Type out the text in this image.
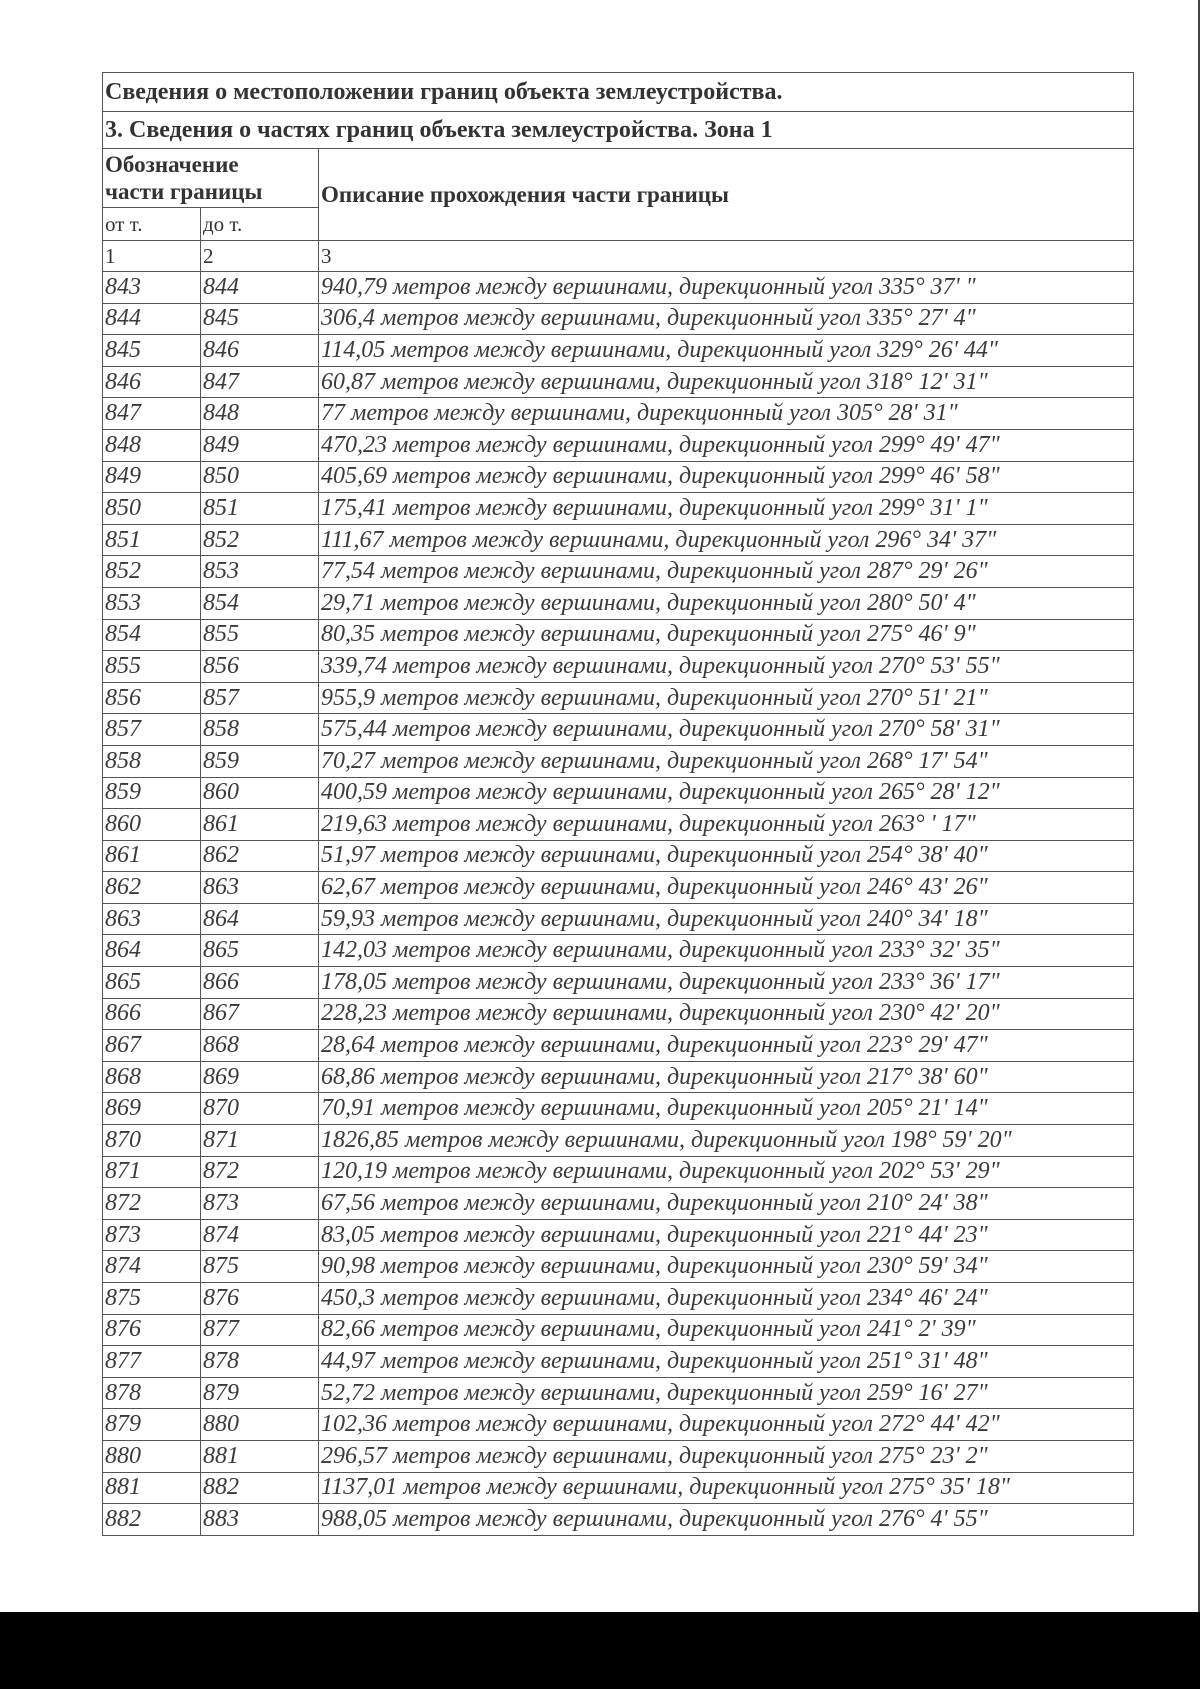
Сведения о местоположении границ объекта землеустройства.		
3. Сведения о частях границ объекта землеустройства. Зона 1		

Обозначение
части границы		Описание прохождения части границы
от т.	до т.	
1	2	3
843	844	940,79 метров между вершинами, дирекционный угол 335° 37' "
844	845	306,4 метров между вершинами, дирекционный угол 335° 27' 4"
845	846	114,05 метров между вершинами, дирекционный угол 329° 26' 44"
846	847	60,87 метров между вершинами, дирекционный угол 318° 12' 31"
847	848	77 метров между вершинами, дирекционный угол 305° 28' 31"
848	849	470,23 метров между вершинами, дирекционный угол 299° 49' 47"
849	850	405,69 метров между вершинами, дирекционный угол 299° 46' 58"
850	851	175,41 метров между вершинами, дирекционный угол 299° 31' 1"
851	852	111,67 метров между вершинами, дирекционный угол 296° 34' 37"
852	853	77,54 метров между вершинами, дирекционный угол 287° 29' 26"
853	854	29,71 метров между вершинами, дирекционный угол 280° 50' 4"
854	855	80,35 метров между вершинами, дирекционный угол 275° 46' 9"
855	856	339,74 метров между вершинами, дирекционный угол 270° 53' 55"
856	857	955,9 метров между вершинами, дирекционный угол 270° 51' 21"
857	858	575,44 метров между вершинами, дирекционный угол 270° 58' 31"
858	859	70,27 метров между вершинами, дирекционный угол 268° 17' 54"
859	860	400,59 метров между вершинами, дирекционный угол 265° 28' 12"
860	861	219,63 метров между вершинами, дирекционный угол 263° ' 17"
861	862	51,97 метров между вершинами, дирекционный угол 254° 38' 40"
862	863	62,67 метров между вершинами, дирекционный угол 246° 43' 26"
863	864	59,93 метров между вершинами, дирекционный угол 240° 34' 18"
864	865	142,03 метров между вершинами, дирекционный угол 233° 32' 35"
865	866	178,05 метров между вершинами, дирекционный угол 233° 36' 17"
866	867	228,23 метров между вершинами, дирекционный угол 230° 42' 20"
867	868	28,64 метров между вершинами, дирекционный угол 223° 29' 47"
868	869	68,86 метров между вершинами, дирекционный угол 217° 38' 60"
869	870	70,91 метров между вершинами, дирекционный угол 205° 21' 14"
870	871	1826,85 метров между вершинами, дирекционный угол 198° 59' 20"
871	872	120,19 метров между вершинами, дирекционный угол 202° 53' 29"
872	873	67,56 метров между вершинами, дирекционный угол 210° 24' 38"
873	874	83,05 метров между вершинами, дирекционный угол 221° 44' 23"
874	875	90,98 метров между вершинами, дирекционный угол 230° 59' 34"
875	876	450,3 метров между вершинами, дирекционный угол 234° 46' 24"
876	877	82,66 метров между вершинами, дирекционный угол 241° 2' 39"
877	878	44,97 метров между вершинами, дирекционный угол 251° 31' 48"
878	879	52,72 метров между вершинами, дирекционный угол 259° 16' 27"
879	880	102,36 метров между вершинами, дирекционный угол 272° 44' 42"
880	881	296,57 метров между вершинами, дирекционный угол 275° 23' 2"
881	882	1137,01 метров между вершинами, дирекционный угол 275° 35' 18"
882	883	988,05 метров между вершинами, дирекционный угол 276° 4' 55"
